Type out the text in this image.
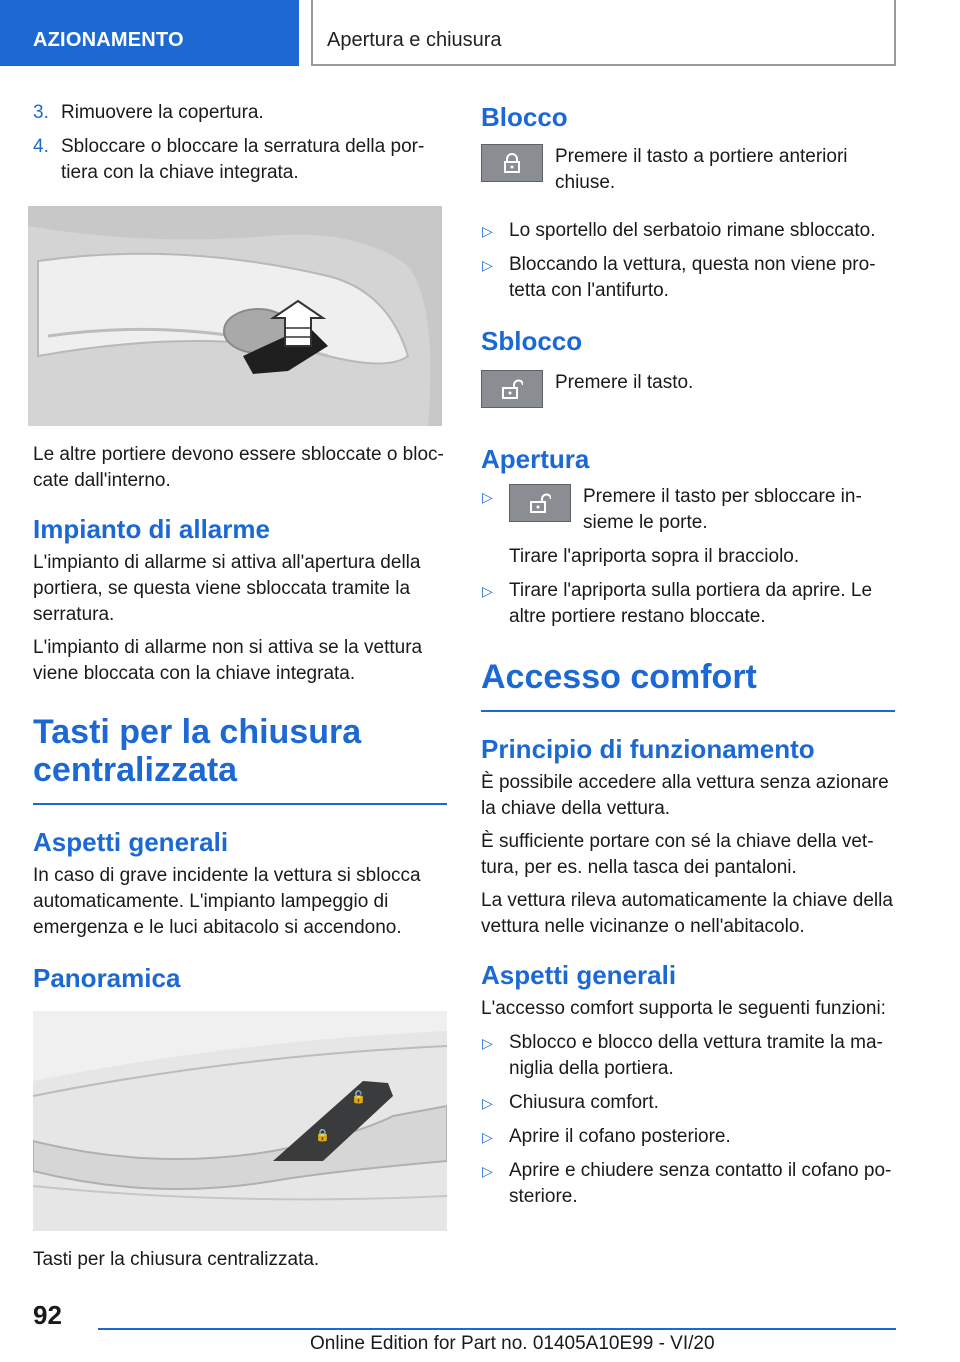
AZIONAMENTO	Apertura e chiusura
3. Rimuovere la copertura.
4. Sbloccare o bloccare la serratura della portiera con la chiave integrata.

Le altre portiere devono essere sbloccate o bloccate dall'interno.

Impianto di allarme

L'impianto di allarme si attiva all'apertura della portiera, se questa viene sbloccata tramite la serratura.

L'impianto di allarme non si attiva se la vettura viene bloccata con la chiave integrata.

Tasti per la chiusura centralizzata
Aspetti generali

In caso di grave incidente la vettura si sblocca automaticamente. L'impianto lampeggio di emergenza e le luci abitacolo si accendono.

Panoramica
🔓
🔒

Tasti per la chiusura centralizzata.

Blocco

Premere il tasto a portiere anteriori chiuse.

▷ Lo sportello del serbatoio rimane sbloccato.
▷ Bloccando la vettura, questa non viene protetta con l'antifurto.
Sblocco

Premere il tasto.

Apertura
▷	Premere il tasto per sbloccare insieme le porte.

Tirare l'apriporta sopra il bracciolo.

▷ Tirare l'apriporta sulla portiera da aprire. Le altre portiere restano bloccate.
Accesso comfort
Principio di funzionamento

È possibile accedere alla vettura senza azionare la chiave della vettura.

È sufficiente portare con sé la chiave della vettura, per es. nella tasca dei pantaloni.

La vettura rileva automaticamente la chiave della vettura nelle vicinanze o nell'abitacolo.

Aspetti generali

L'accesso comfort supporta le seguenti funzioni:

▷ Sblocco e blocco della vettura tramite la maniglia della portiera.
▷ Chiusura comfort.
▷ Aprire il cofano posteriore.
▷ Aprire e chiudere senza contatto il cofano posteriore.
92
Online Edition for Part no. 01405A10E99 - VI/20
